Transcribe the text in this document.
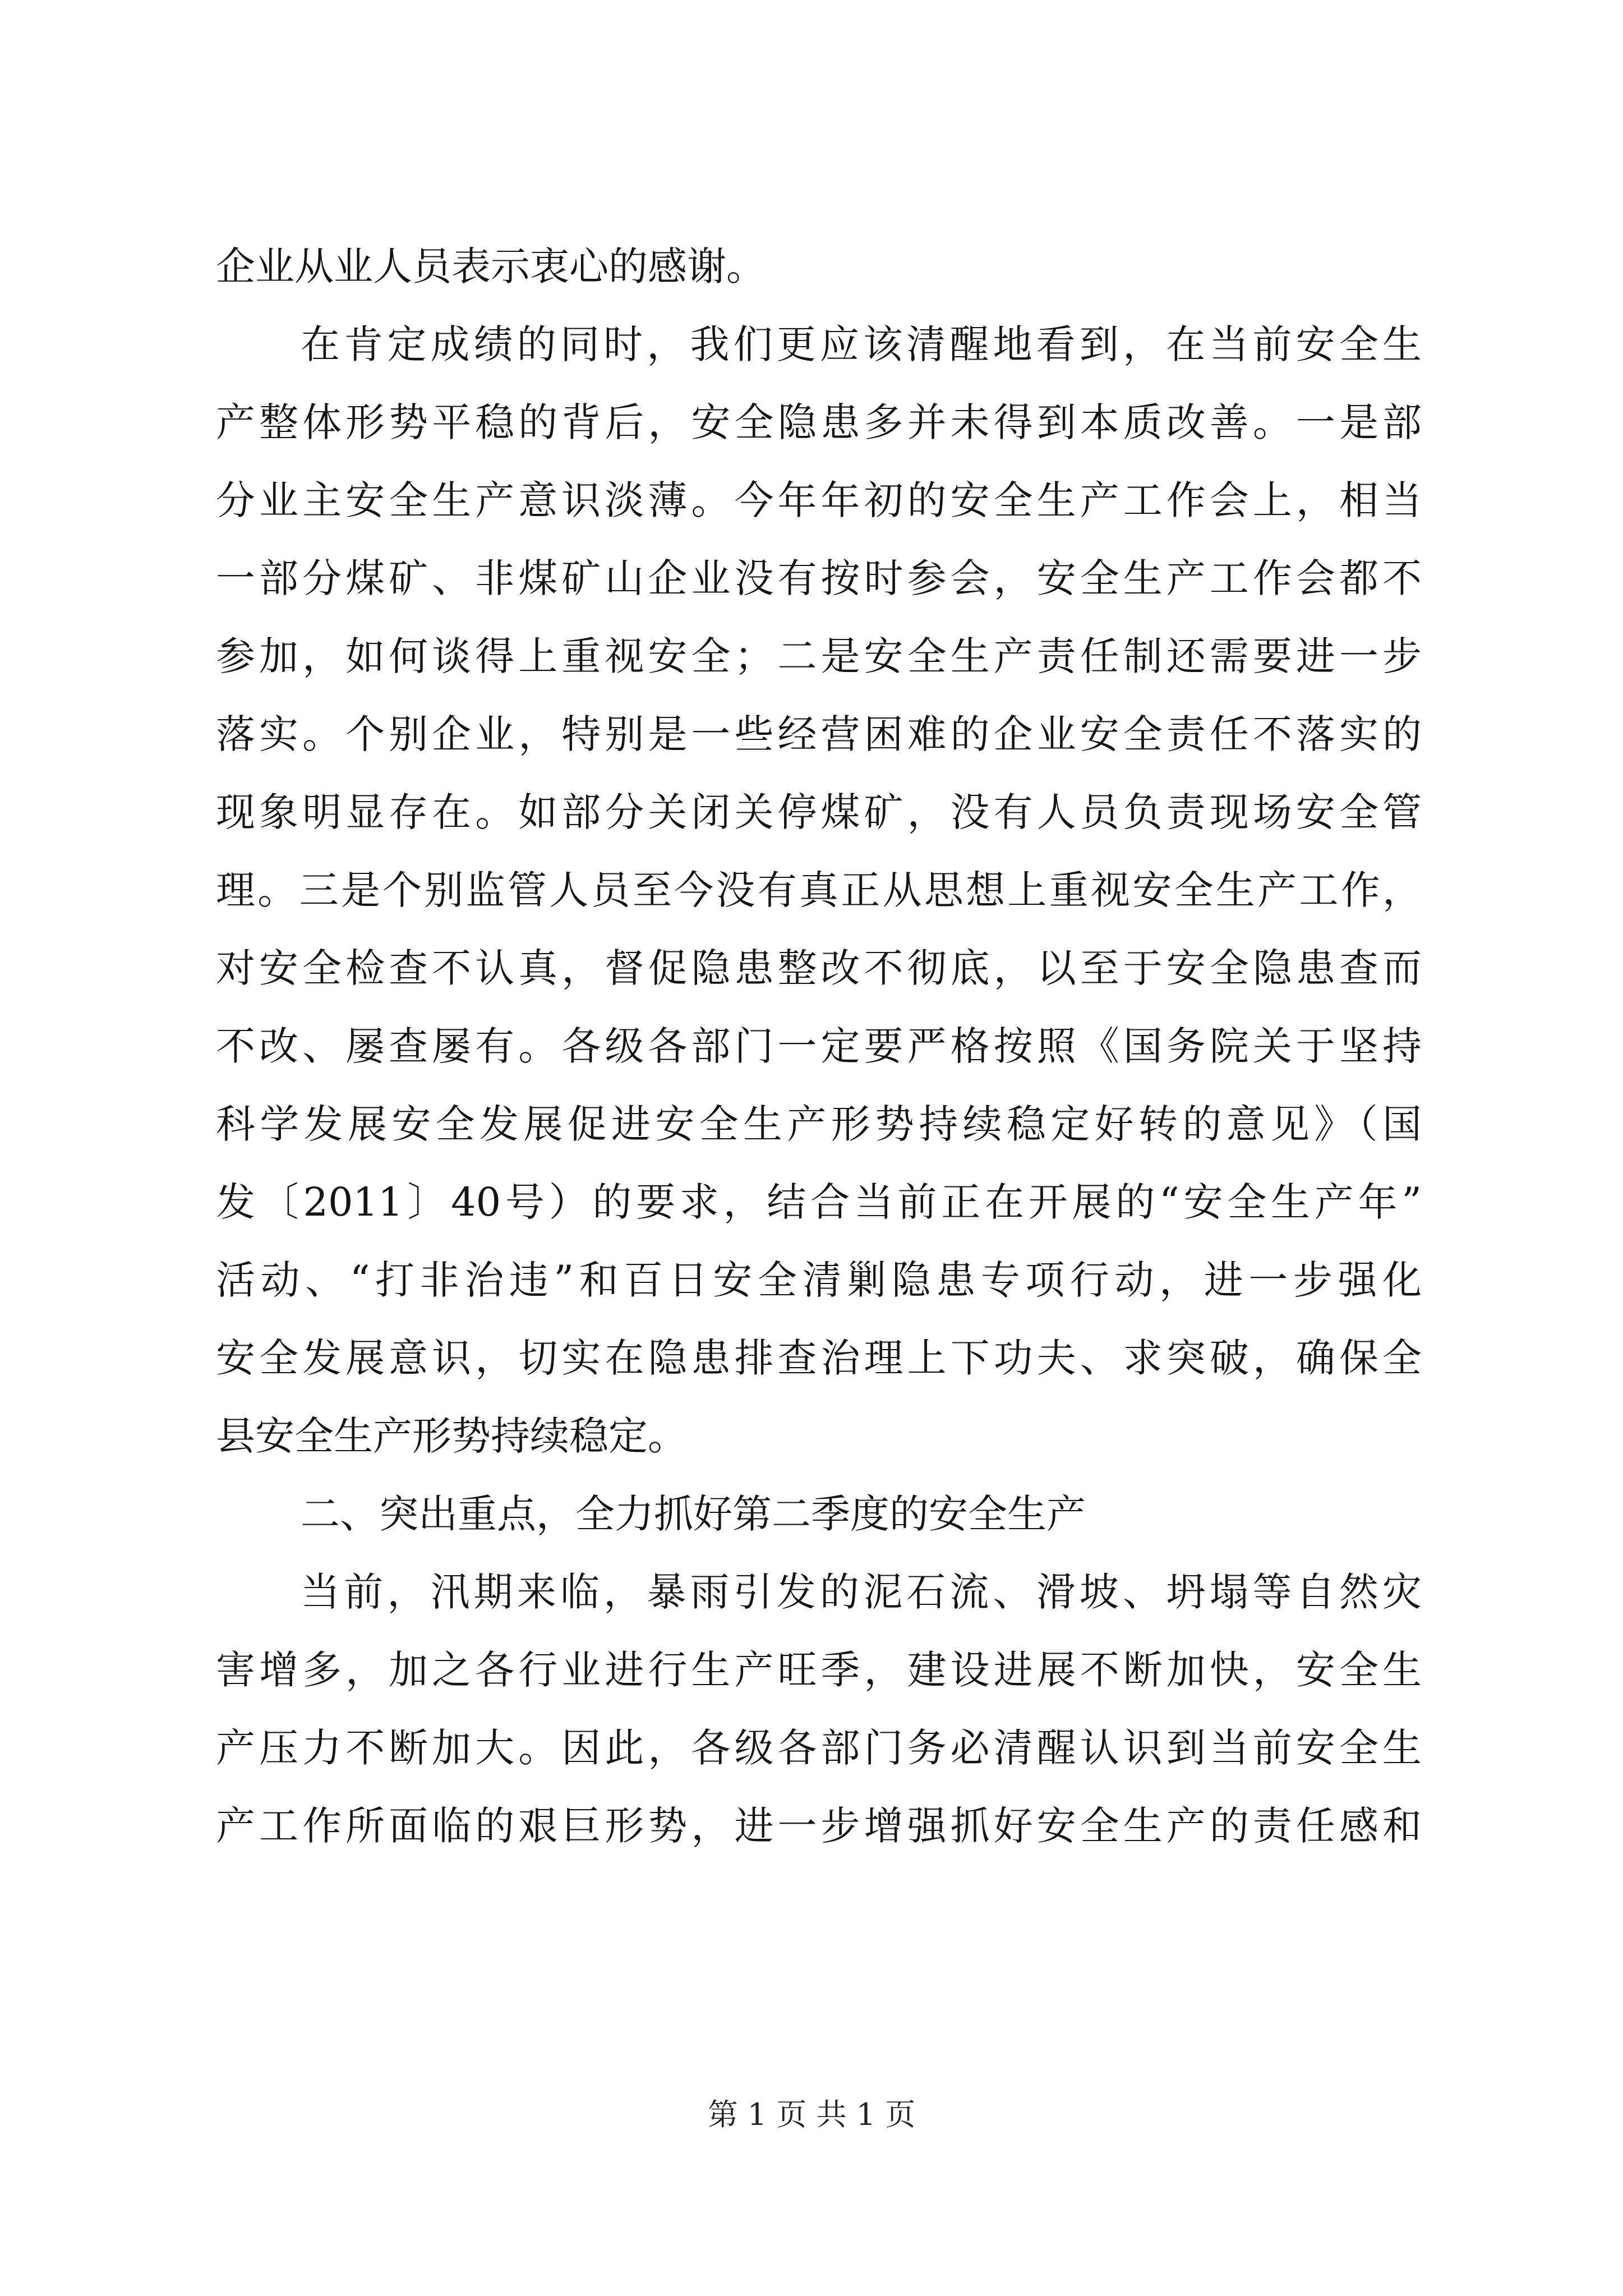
企业从业人员表示衷心的感谢。
在肯定成绩的同时，我们更应该清醒地看到，在当前安全生
产整体形势平稳的背后，安全隐患多并未得到本质改善。一是部
分业主安全生产意识淡薄。今年年初的安全生产工作会上，相当
一部分煤矿、非煤矿山企业没有按时参会，安全生产工作会都不
参加，如何谈得上重视安全；二是安全生产责任制还需要进一步
落实。个别企业，特别是一些经营困难的企业安全责任不落实的
现象明显存在。如部分关闭关停煤矿，没有人员负责现场安全管
理。三是个别监管人员至今没有真正从思想上重视安全生产工作，
对安全检查不认真，督促隐患整改不彻底，以至于安全隐患查而
不改、屡查屡有。各级各部门一定要严格按照《国务院关于坚持
科学发展安全发展促进安全生产形势持续稳定好转的意见》（国
发〔2011〕40号）的要求，结合当前正在开展的“安全生产年”
活动、“打非治违”和百日安全清剿隐患专项行动，进一步强化
安全发展意识，切实在隐患排查治理上下功夫、求突破，确保全
县安全生产形势持续稳定。
二、突出重点，全力抓好第二季度的安全生产
当前，汛期来临，暴雨引发的泥石流、滑坡、坍塌等自然灾
害增多，加之各行业进行生产旺季，建设进展不断加快，安全生
产压力不断加大。因此，各级各部门务必清醒认识到当前安全生
产工作所面临的艰巨形势，进一步增强抓好安全生产的责任感和
第 1 页 共 1 页
